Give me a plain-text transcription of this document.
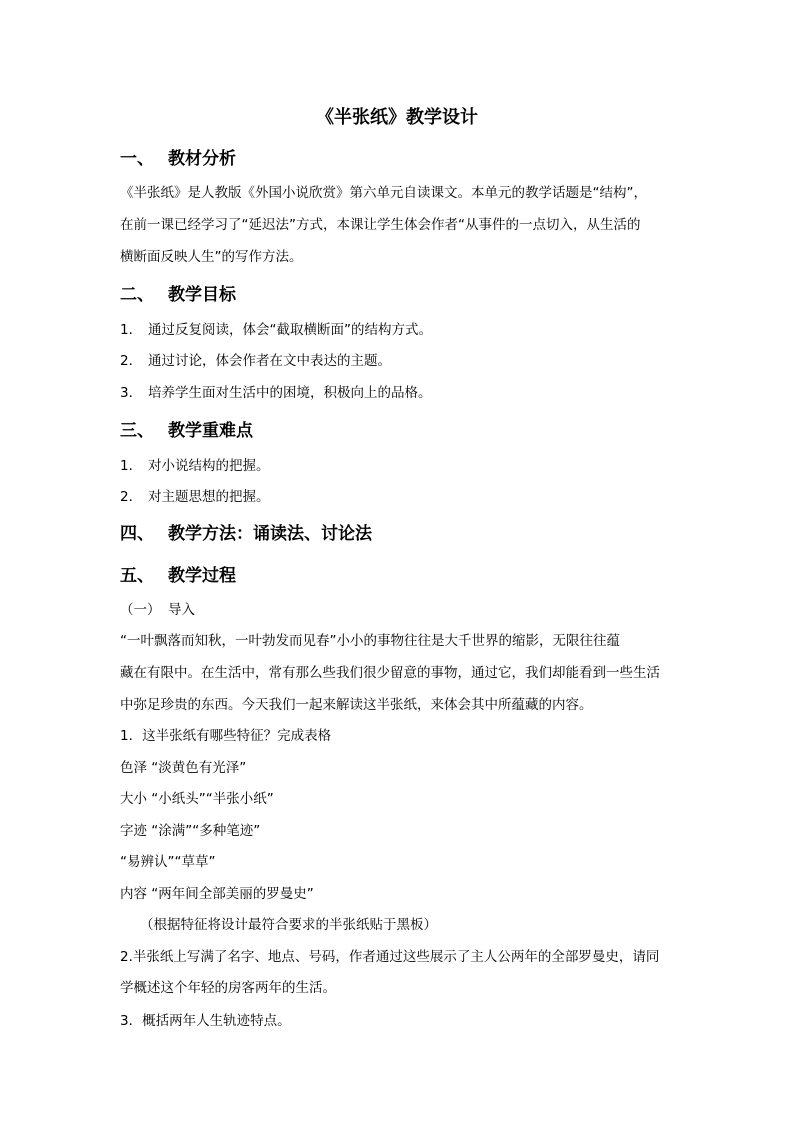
《半张纸》教学设计
一、 教材分析
《半张纸》是人教版《外国小说欣赏》第六单元自读课文。本单元的教学话题是“结构”，
在前一课已经学习了“延迟法”方式，本课让学生体会作者“从事件的一点切入，从生活的
横断面反映人生”的写作方法。
二、 教学目标
1． 通过反复阅读，体会“截取横断面”的结构方式。
2． 通过讨论，体会作者在文中表达的主题。
3． 培养学生面对生活中的困境，积极向上的品格。
三、 教学重难点
1． 对小说结构的把握。
2． 对主题思想的把握。
四、 教学方法：诵读法、讨论法
五、 教学过程
（一） 导入
“一叶飘落而知秋，一叶勃发而见春”小小的事物往往是大千世界的缩影，无限往往蕴
藏在有限中。在生活中，常有那么些我们很少留意的事物，通过它，我们却能看到一些生活
中弥足珍贵的东西。今天我们一起来解读这半张纸，来体会其中所蕴藏的内容。
1．这半张纸有哪些特征？完成表格
色泽 “淡黄色有光泽”
大小 “小纸头”“半张小纸”
字迹 “涂满”“多种笔迹”
“易辨认”“草草”
内容 “两年间全部美丽的罗曼史”
（根据特征将设计最符合要求的半张纸贴于黑板）
2.半张纸上写满了名字、地点、号码，作者通过这些展示了主人公两年的全部罗曼史，请同
学概述这个年轻的房客两年的生活。
3．概括两年人生轨迹特点。
